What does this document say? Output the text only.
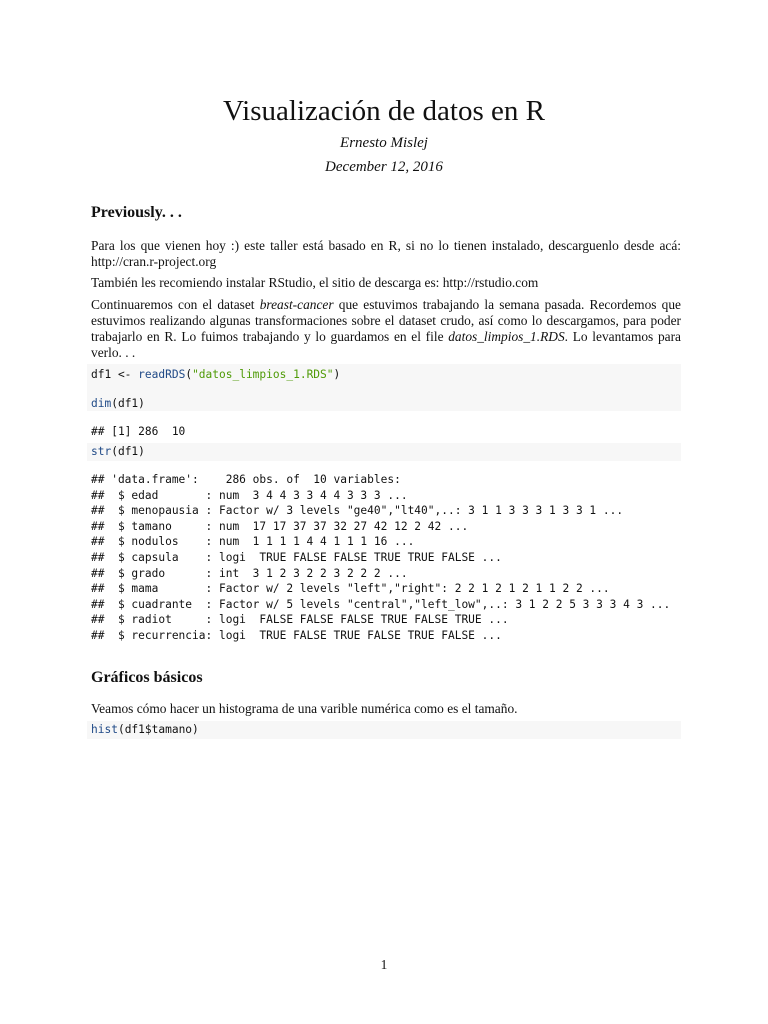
Visualización de datos en R
Ernesto Mislej
December 12, 2016
Previously. . .
Para los que vienen hoy :) este taller está basado en R, si no lo tienen instalado, descarguenlo desde acá: http://cran.r-project.org
También les recomiendo instalar RStudio, el sitio de descarga es: http://rstudio.com
Continuaremos con el dataset breast-cancer que estuvimos trabajando la semana pasada. Recordemos que estuvimos realizando algunas transformaciones sobre el dataset crudo, así como lo descargamos, para poder trabajarlo en R. Lo fuimos trabajando y lo guardamos en el file datos_limpios_1.RDS. Lo levantamos para verlo. . .
df1 <- readRDS("datos_limpios_1.RDS")
dim(df1)
## [1] 286  10
str(df1)
## 'data.frame':    286 obs. of  10 variables:
##  $ edad       : num  3 4 4 3 3 4 4 3 3 3 ...
##  $ menopausia : Factor w/ 3 levels "ge40","lt40",..: 3 1 1 3 3 3 1 3 3 1 ...
##  $ tamano     : num  17 17 37 37 32 27 42 12 2 42 ...
##  $ nodulos    : num  1 1 1 1 4 4 1 1 1 16 ...
##  $ capsula    : logi  TRUE FALSE FALSE TRUE TRUE FALSE ...
##  $ grado      : int  3 1 2 3 2 2 3 2 2 2 ...
##  $ mama       : Factor w/ 2 levels "left","right": 2 2 1 2 1 2 1 1 2 2 ...
##  $ cuadrante  : Factor w/ 5 levels "central","left_low",..: 3 1 2 2 5 3 3 3 4 3 ...
##  $ radiot     : logi  FALSE FALSE FALSE TRUE FALSE TRUE ...
##  $ recurrencia: logi  TRUE FALSE TRUE FALSE TRUE FALSE ...
Gráficos básicos
Veamos cómo hacer un histograma de una varible numérica como es el tamaño.
hist(df1$tamano)
1
